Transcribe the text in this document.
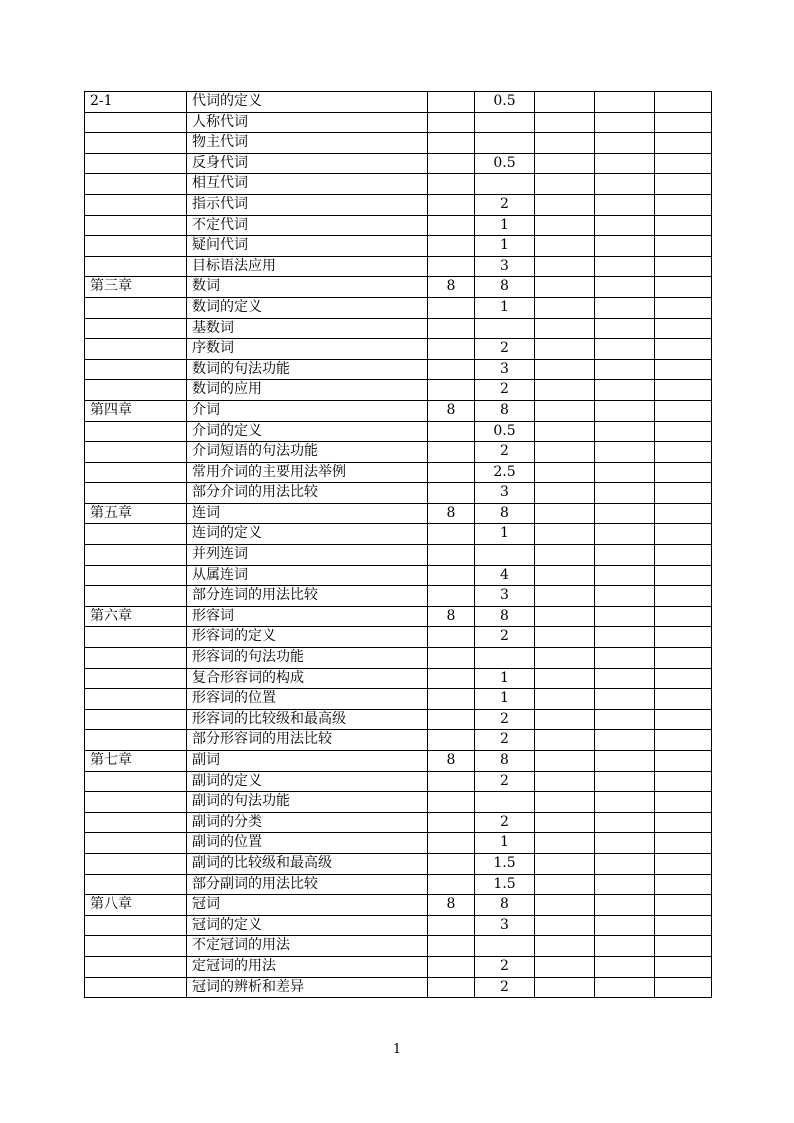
2-1	代词的定义		0.5			
	人称代词					
	物主代词					
	反身代词		0.5			
	相互代词					
	指示代词		2			
	不定代词		1			
	疑问代词		1			
	目标语法应用		3			
第三章	数词	8	8			
	数词的定义		1			
	基数词					
	序数词		2			
	数词的句法功能		3			
	数词的应用		2			
第四章	介词	8	8			
	介词的定义		0.5			
	介词短语的句法功能		2			
	常用介词的主要用法举例		2.5			
	部分介词的用法比较		3			
第五章	连词	8	8			
	连词的定义		1			
	并列连词					
	从属连词		4			
	部分连词的用法比较		3			
第六章	形容词	8	8			
	形容词的定义		2			
	形容词的句法功能					
	复合形容词的构成		1			
	形容词的位置		1			
	形容词的比较级和最高级		2			
	部分形容词的用法比较		2			
第七章	副词	8	8			
	副词的定义		2			
	副词的句法功能					
	副词的分类		2			
	副词的位置		1			
	副词的比较级和最高级		1.5			
	部分副词的用法比较		1.5			
第八章	冠词	8	8			
	冠词的定义		3			
	不定冠词的用法					
	定冠词的用法		2			
	冠词的辨析和差异		2			
1
